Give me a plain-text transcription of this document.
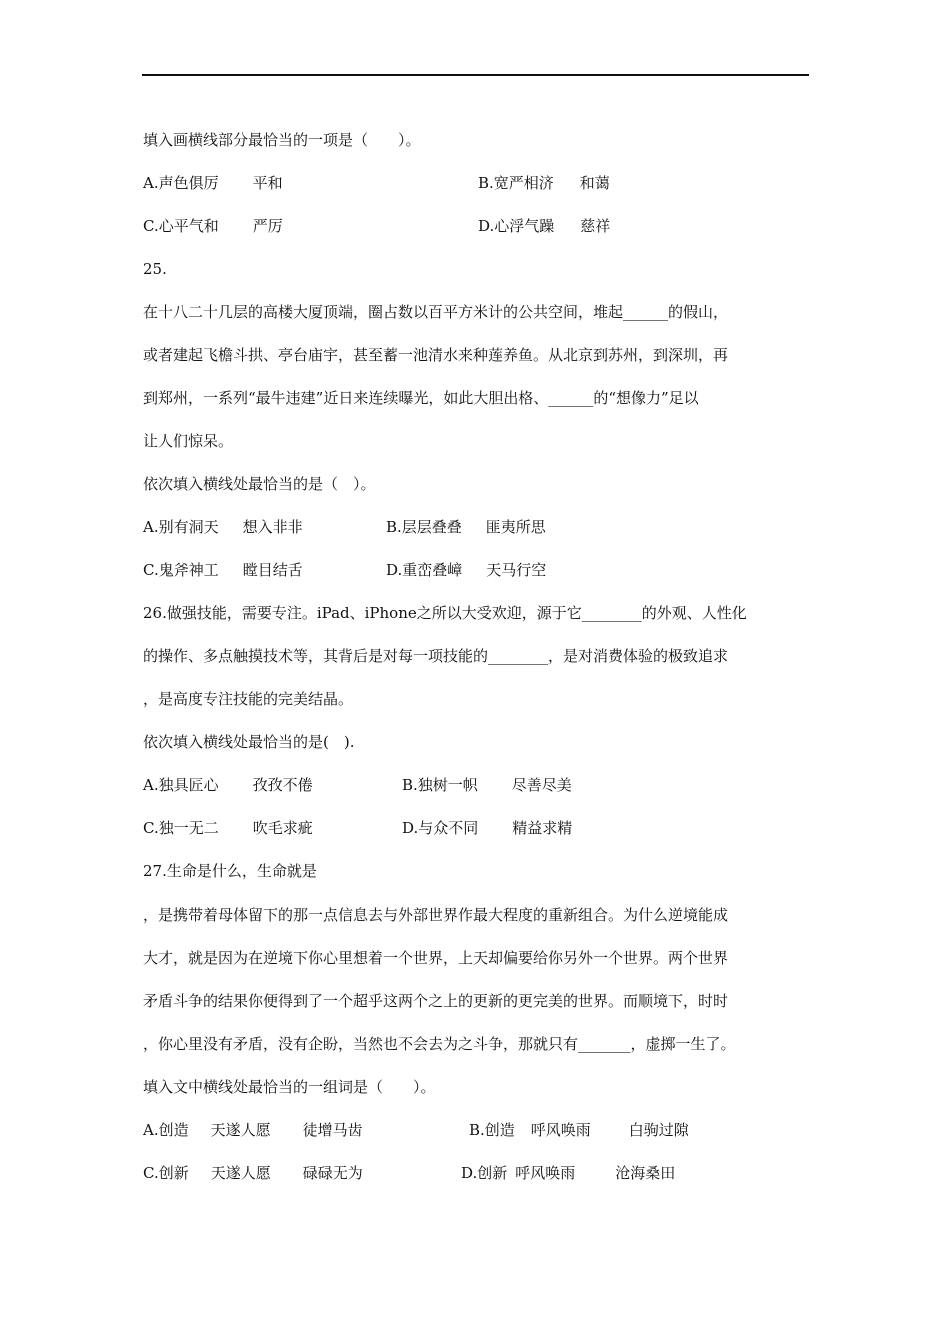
填入画横线部分最恰当的一项是（　　）。

A.声色俱厉 平和	B.宽严相济 和蔼

C.心平气和 严厉	D.心浮气躁 慈祥

25.

在十八二十几层的高楼大厦顶端，圈占数以百平方米计的公共空间，堆起______的假山，

或者建起飞檐斗拱、亭台庙宇，甚至蓄一池清水来种莲养鱼。从北京到苏州，到深圳，再

到郑州，一系列“最牛违建”近日来连续曝光，如此大胆出格、______的“想像力”足以

让人们惊呆。

依次填入横线处最恰当的是（　）。

A.别有洞天 想入非非	B.层层叠叠 匪夷所思

C.鬼斧神工 瞠目结舌	D.重峦叠嶂 天马行空

26.做强技能，需要专注。iPad、iPhone之所以大受欢迎，源于它________的外观、人性化

的操作、多点触摸技术等，其背后是对每一项技能的________，是对消费体验的极致追求

，是高度专注技能的完美结晶。

依次填入横线处最恰当的是(　).

A.独具匠心 孜孜不倦	B.独树一帜 尽善尽美

C.独一无二 吹毛求疵	D.与众不同 精益求精

27.生命是什么，生命就是

，是携带着母体留下的那一点信息去与外部世界作最大程度的重新组合。为什么逆境能成

大才，就是因为在逆境下你心里想着一个世界，上天却偏要给你另外一个世界。两个世界

矛盾斗争的结果你便得到了一个超乎这两个之上的更新的更完美的世界。而顺境下，时时

，你心里没有矛盾，没有企盼，当然也不会去为之斗争，那就只有_______，虚掷一生了。

填入文中横线处最恰当的一组词是（　　）。

A.创造 天遂人愿 徒增马齿	B.创造 呼风唤雨	白驹过隙

C.创新 天遂人愿 碌碌无为	D.创新 呼风唤雨	沧海桑田
